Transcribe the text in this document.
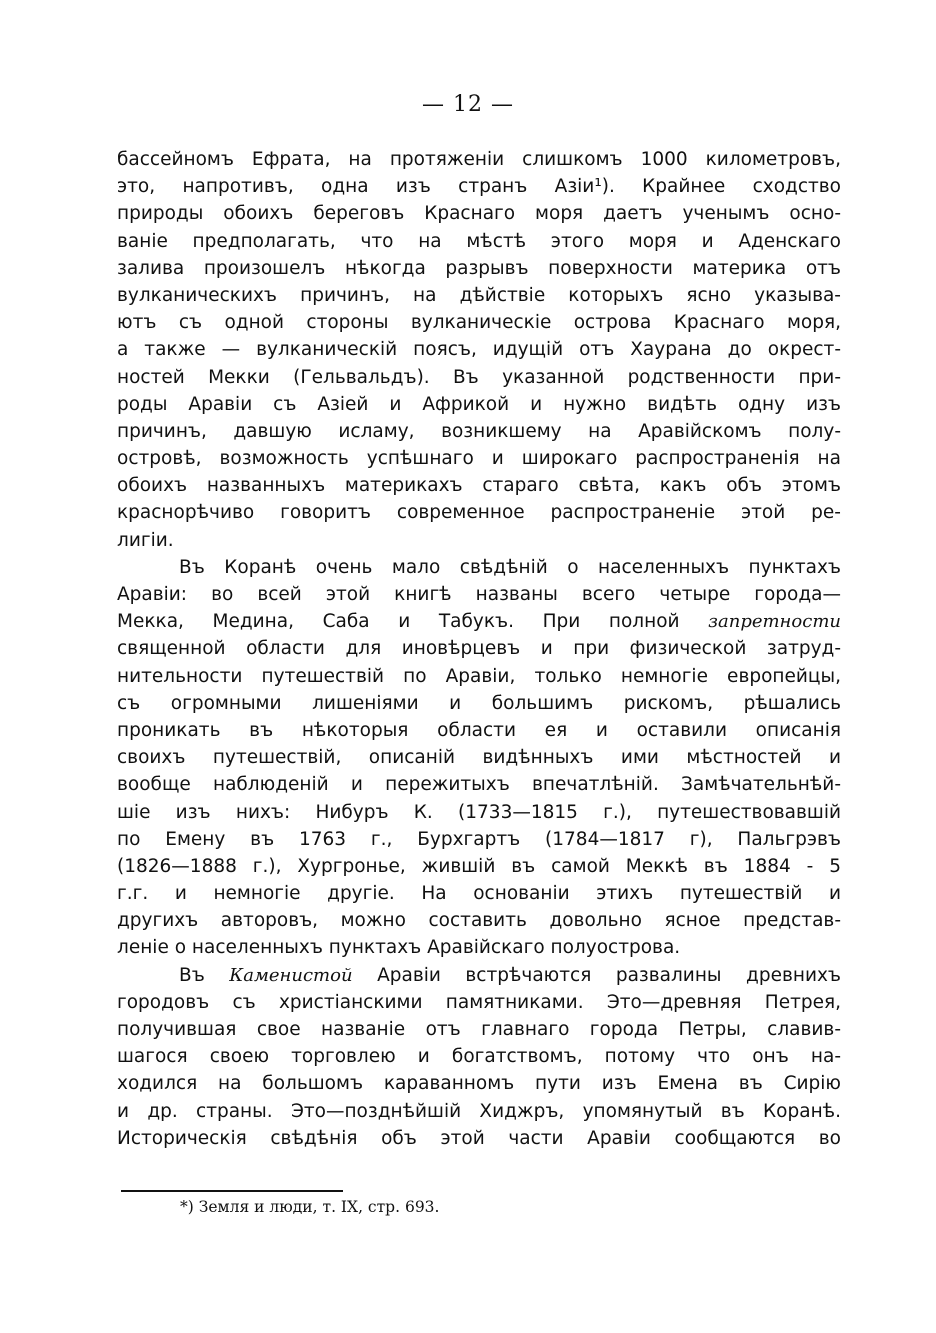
— 12 —
бассейномъ Ефрата, на протяженіи слишкомъ 1000 километровъ,
это, напротивъ, одна изъ странъ Азіи¹). Крайнее сходство
природы обоихъ береговъ Краснаго моря даетъ ученымъ осно-
ваніе предполагать, что на мѣстѣ этого моря и Аденскаго
залива произошелъ нѣкогда разрывъ поверхности материка отъ
вулканическихъ причинъ, на дѣйствіе которыхъ ясно указыва-
ютъ съ одной стороны вулканическіе острова Краснаго моря,
а также — вулканическій поясъ, идущій отъ Хаурана до окрест-
ностей Мекки (Гельвальдъ). Въ указанной родственности при-
роды Аравіи съ Азіей и Африкой и нужно видѣть одну изъ
причинъ, давшую исламу, возникшему на Аравійскомъ полу-
островѣ, возможность успѣшнаго и широкаго распространенія на
обоихъ названныхъ материкахъ стараго свѣта, какъ объ этомъ
краснорѣчиво говоритъ современное распространеніе этой ре-
лигіи.
Въ Коранѣ очень мало свѣдѣній о населенныхъ пунктахъ
Аравіи: во всей этой книгѣ названы всего четыре города—
Мекка, Медина, Саба и Табукъ. При полной запретности
священной области для иновѣрцевъ и при физической затруд-
нительности путешествій по Аравіи, только немногіе европейцы,
съ огромными лишеніями и большимъ рискомъ, рѣшались
проникать въ нѣкоторыя области ея и оставили описанія
своихъ путешествій, описаній видѣнныхъ ими мѣстностей и
вообще наблюденій и пережитыхъ впечатлѣній. Замѣчательнѣй-
шіе изъ нихъ: Нибуръ К. (1733—1815 г.), путешествовавшій
по Емену въ 1763 г., Бурхгартъ (1784—1817 г), Пальгрэвъ
(1826—1888 г.), Хургронье, жившій въ самой Меккѣ въ 1884 - 5
г.г. и немногіе другіе. На основаніи этихъ путешествій и
другихъ авторовъ, можно составить довольно ясное представ-
леніе о населенныхъ пунктахъ Аравійскаго полуострова.
Въ Каменистой Аравіи встрѣчаются развалины древнихъ
городовъ съ христіанскими памятниками. Это—древняя Петрея,
получившая свое названіе отъ главнаго города Петры, славив-
шагося своею торговлею и богатствомъ, потому что онъ на-
ходился на большомъ караванномъ пути изъ Емена въ Сирію
и др. страны. Это—позднѣйшій Хиджръ, упомянутый въ Коранѣ.
Историческія свѣдѣнія объ этой части Аравіи сообщаются во
*) Земля и люди, т. IX, стр. 693.
